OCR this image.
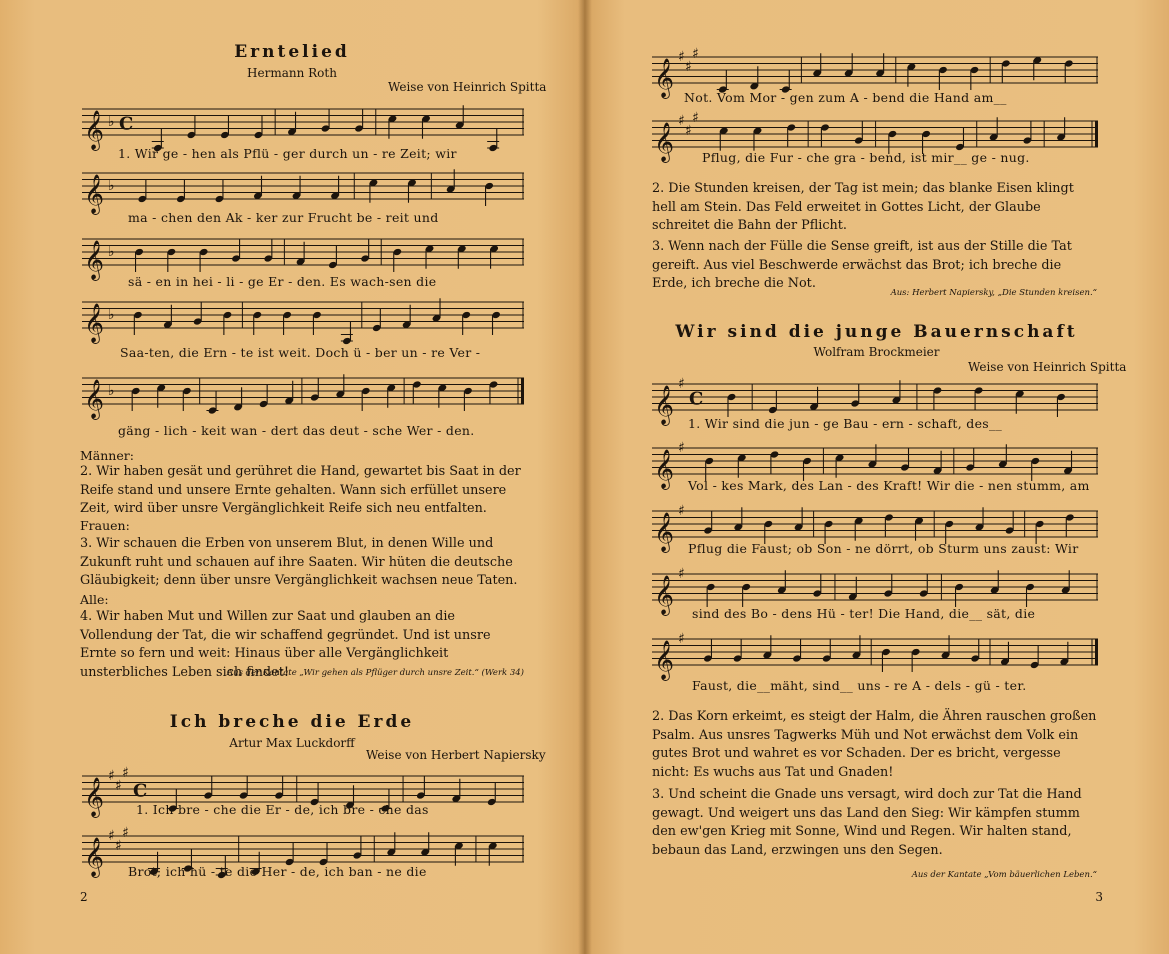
Erntelied
Hermann Roth
Weise von Heinrich Spitta
𝄞 ♭ C
1. Wir ge - hen als Pflü - ger durch un - re Zeit; wir
𝄞 ♭
ma - chen den Ak - ker zur Frucht be - reit und
𝄞 ♭
sä - en in hei - li - ge Er - den. Es wach-sen die
𝄞 ♭
Saa-ten, die Ern - te ist weit. Doch ü - ber un - re Ver -
𝄞 ♭
gäng - lich - keit wan - dert das deut - sche Wer - den.
Männer:

2. Wir haben gesät und gerühret die Hand, gewartet bis Saat in der Reife stand und unsere Ernte gehalten. Wann sich erfüllet unsere Zeit, wird über unsre Vergänglichkeit Reife sich neu entfalten.

Frauen:

3. Wir schauen die Erben von unserem Blut, in denen Wille und Zukunft ruht und schauen auf ihre Saaten. Wir hüten die deutsche Gläubigkeit; denn über unsre Vergänglichkeit wachsen neue Taten.

Alle:

4. Wir haben Mut und Willen zur Saat und glauben an die Vollendung der Tat, die wir schaffend gegründet. Und ist unsre Ernte so fern und weit: Hinaus über alle Vergänglichkeit unsterbliches Leben sich findet!

Aus der Kantate „Wir gehen als Pflüger durch unsre Zeit.“ (Werk 34)
Ich breche die Erde
Artur Max Luckdorff
Weise von Herbert Napiersky
𝄞
♯
♯
♯
C
1. Ich bre - che die Er - de, ich bre - che das
𝄞
♯
♯
♯
Brot; ich hü - te die Her - de, ich ban - ne die
2
𝄞
♯
♯
♯
Not. Vom Mor - gen zum A - bend die Hand am__
𝄞
♯
♯
♯
Pflug, die Fur - che gra - bend, ist mir__ ge - nug.

2. Die Stunden kreisen, der Tag ist mein; das blanke Eisen klingt hell am Stein. Das Feld erweitet in Gottes Licht, der Glaube schreitet die Bahn der Pflicht.

3. Wenn nach der Fülle die Sense greift, ist aus der Stille die Tat gereift. Aus viel Beschwerde erwächst das Brot; ich breche die Erde, ich breche die Not.

Aus: Herbert Napiersky, „Die Stunden kreisen.“
Wir sind die junge Bauernschaft
Wolfram Brockmeier
Weise von Heinrich Spitta
𝄞
♯
C
1. Wir sind die jun - ge Bau - ern - schaft, des__
𝄞
♯
Vol - kes Mark, des Lan - des Kraft! Wir die - nen stumm, am
𝄞
♯
Pflug die Faust; ob Son - ne dörrt, ob Sturm uns zaust: Wir
𝄞
♯
sind des Bo - dens Hü - ter! Die Hand, die__ sät, die
𝄞
♯
Faust, die__mäht, sind__ uns - re A - dels - gü - ter.

2. Das Korn erkeimt, es steigt der Halm, die Ähren rauschen großen Psalm. Aus unsres Tagwerks Müh und Not erwächst dem Volk ein gutes Brot und wahret es vor Schaden. Der es bricht, vergesse nicht: Es wuchs aus Tat und Gnaden!

3. Und scheint die Gnade uns versagt, wird doch zur Tat die Hand gewagt. Und weigert uns das Land den Sieg: Wir kämpfen stumm den ew'gen Krieg mit Sonne, Wind und Regen. Wir halten stand, bebaun das Land, erzwingen uns den Segen.

Aus der Kantate „Vom bäuerlichen Leben.“
3
